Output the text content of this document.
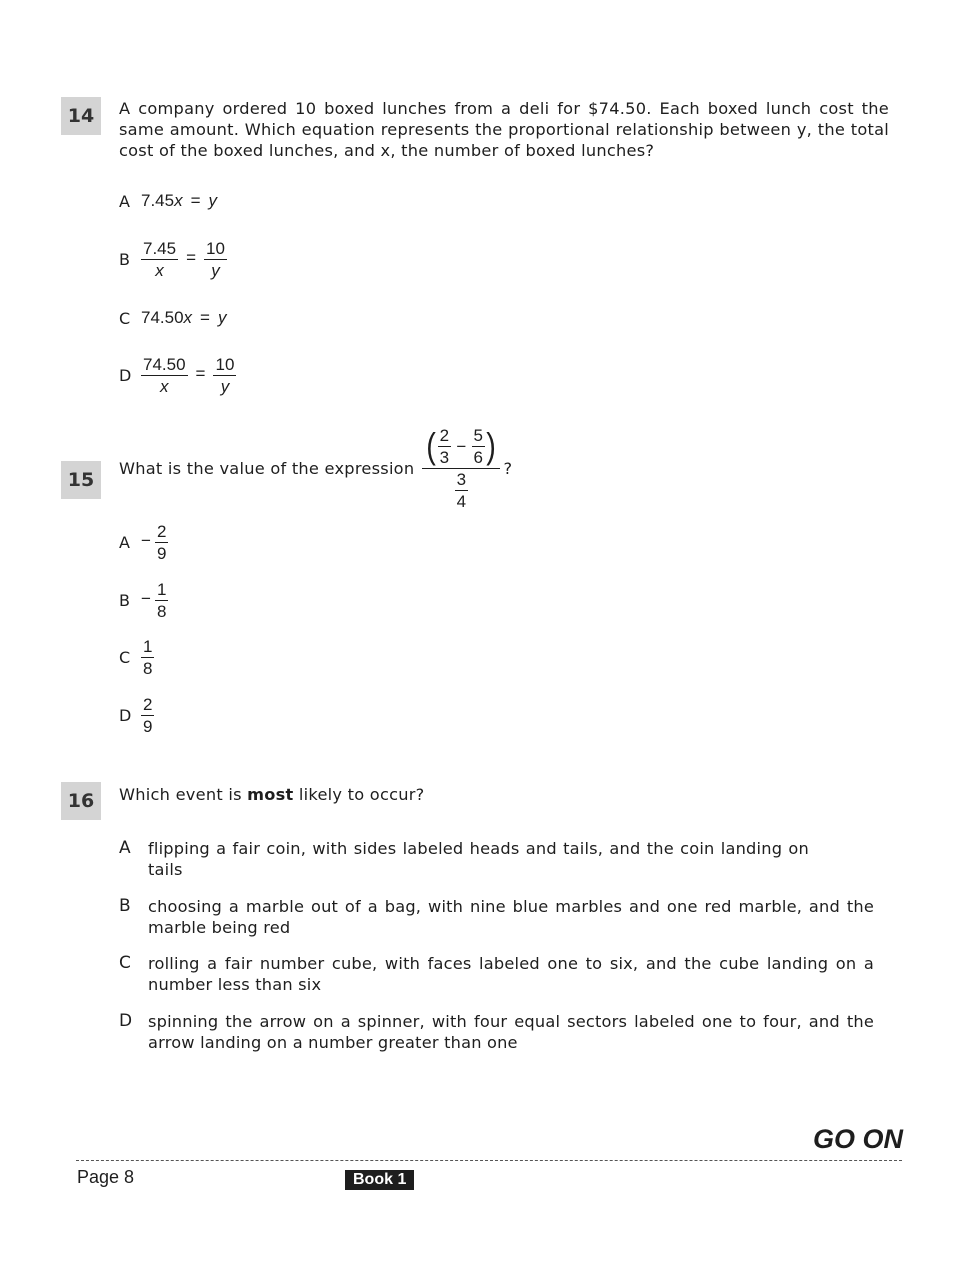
14	A company ordered 10 boxed lunches from a deli for $74.50. Each boxed lunch cost the same amount. Which equation represents the proportional relationship between y, the total cost of the boxed lunches, and x, the number of boxed lunches?
A 7.45x = y
B $\frac{7.45}{x} = \frac{10}{y}$
C 74.50x = y
D $\frac{74.50}{x} = \frac{10}{y}$
15
What is the value of the expression $\frac{( \frac{2}{3} - \frac{5}{6} )}{\frac{3}{4}}$ ?
$A - \frac{2}{9}$
$B - \frac{1}{8}$
C $\frac{1}{8}$
D $\frac{2}{9}$
16	Which event is most likely to occur?
A	flipping a fair coin, with sides labeled heads and tails, and the coin landing on tails
B	choosing a marble out of a bag, with nine blue marbles and one red marble, and the marble being red
C	rolling a fair number cube, with faces labeled one to six, and the cube landing on a number less than six
D spinning the arrow on a spinner, with four equal sectors labeled one to four, and the arrow landing on a number greater than one
GO ON
Page 8	Book 1
